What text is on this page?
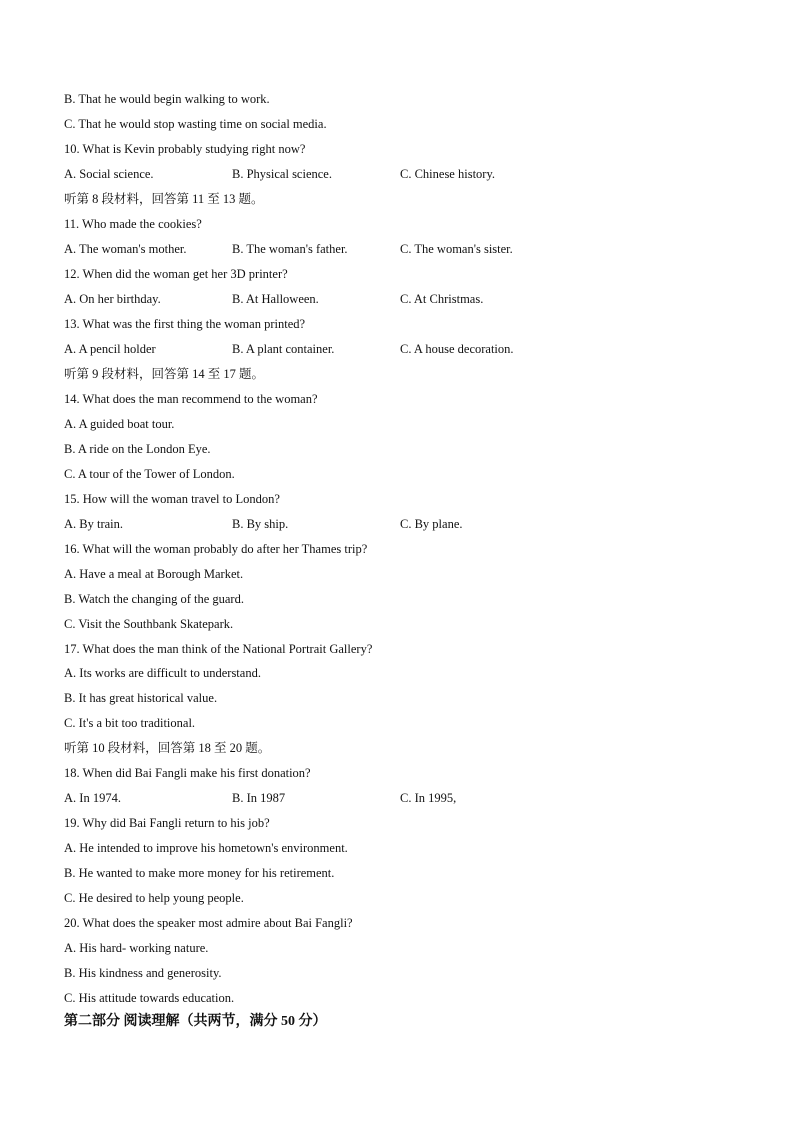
B. That he would begin walking to work.
C. That he would stop wasting time on social media.
10. What is Kevin probably studying right now?
A. Social science.	B. Physical science.	C. Chinese history.
听第 8 段材料，回答第 11 至 13 题。
11. Who made the cookies?
A. The woman's mother.	B. The woman's father.	C. The woman's sister.
12. When did the woman get her 3D printer?
A. On her birthday.	B. At Halloween.	C. At Christmas.
13. What was the first thing the woman printed?
A. A pencil holder	B. A plant container.	C. A house decoration.
听第 9 段材料，回答第 14 至 17 题。
14. What does the man recommend to the woman?
A. A guided boat tour.
B. A ride on the London Eye.
C. A tour of the Tower of London.
15. How will the woman travel to London?
A. By train.	B. By ship.	C. By plane.
16. What will the woman probably do after her Thames trip?
A. Have a meal at Borough Market.
B. Watch the changing of the guard.
C. Visit the Southbank Skatepark.
17. What does the man think of the National Portrait Gallery?
A. Its works are difficult to understand.
B. It has great historical value.
C. It's a bit too traditional.
听第 10 段材料，回答第 18 至 20 题。
18. When did Bai Fangli make his first donation?
A. In 1974.	B. In 1987	C. In 1995,
19. Why did Bai Fangli return to his job?
A. He intended to improve his hometown's environment.
B. He wanted to make more money for his retirement.
C. He desired to help young people.
20. What does the speaker most admire about Bai Fangli?
A. His hard- working nature.
B. His kindness and generosity.
C. His attitude towards education.
第二部分 阅读理解（共两节，满分 50 分）
